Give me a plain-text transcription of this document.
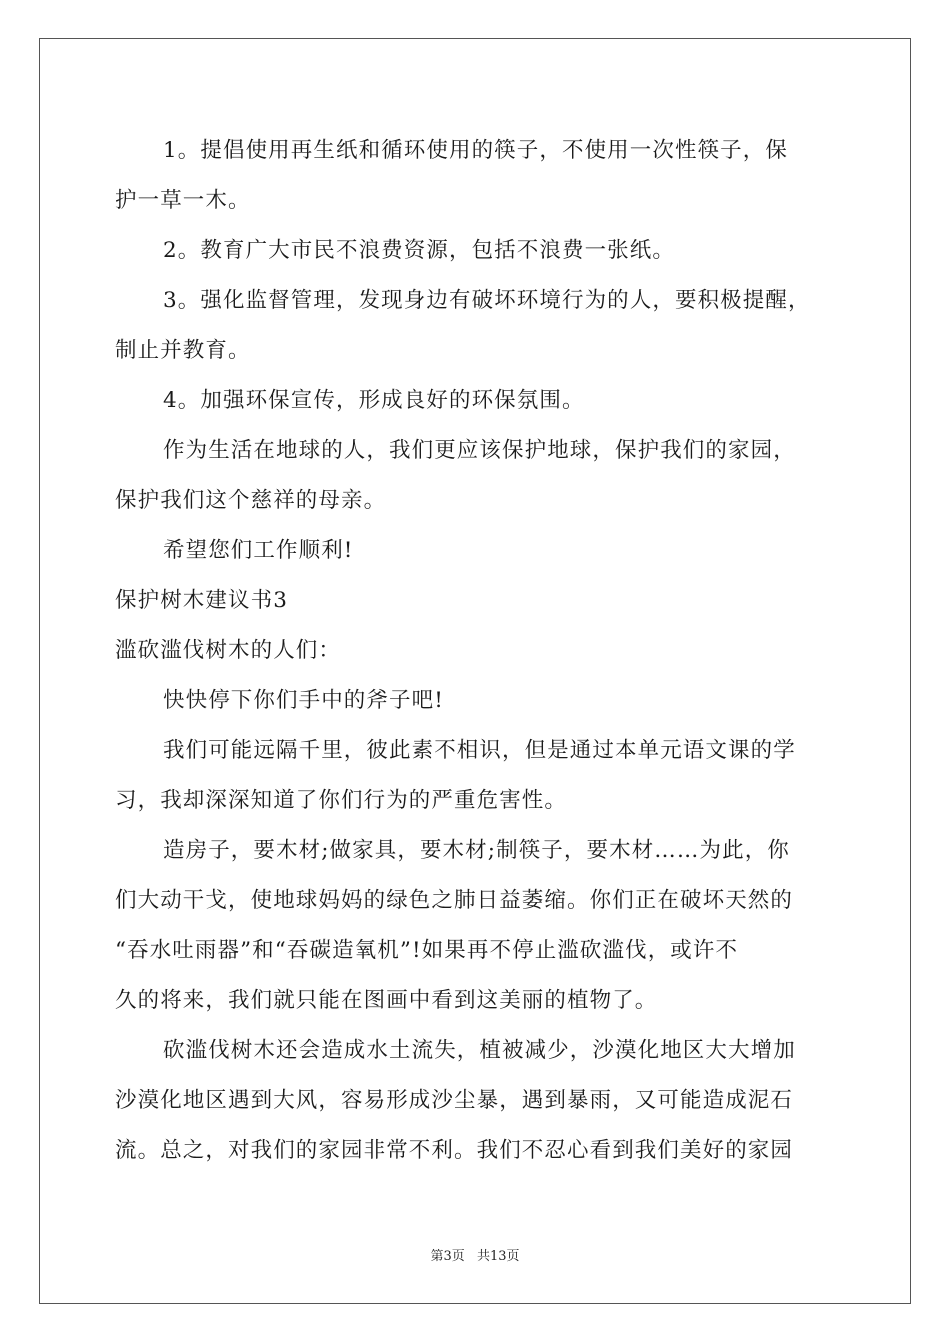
1。提倡使用再生纸和循环使用的筷子，不使用一次性筷子，保
护一草一木。
2。教育广大市民不浪费资源，包括不浪费一张纸。
3。强化监督管理，发现身边有破坏环境行为的人，要积极提醒，
制止并教育。
4。加强环保宣传，形成良好的环保氛围。
作为生活在地球的人，我们更应该保护地球，保护我们的家园，
保护我们这个慈祥的母亲。
希望您们工作顺利!
保护树木建议书3
滥砍滥伐树木的人们：
快快停下你们手中的斧子吧!
我们可能远隔千里，彼此素不相识，但是通过本单元语文课的学
习，我却深深知道了你们行为的严重危害性。
造房子，要木材;做家具，要木材;制筷子，要木材……为此，你
们大动干戈，使地球妈妈的绿色之肺日益萎缩。你们正在破坏天然的
“吞水吐雨器”和“吞碳造氧机”!如果再不停止滥砍滥伐，或许不
久的将来，我们就只能在图画中看到这美丽的植物了。
砍滥伐树木还会造成水土流失，植被减少，沙漠化地区大大增加
沙漠化地区遇到大风，容易形成沙尘暴，遇到暴雨，又可能造成泥石
流。总之，对我们的家园非常不利。我们不忍心看到我们美好的家园
第3页 共13页
